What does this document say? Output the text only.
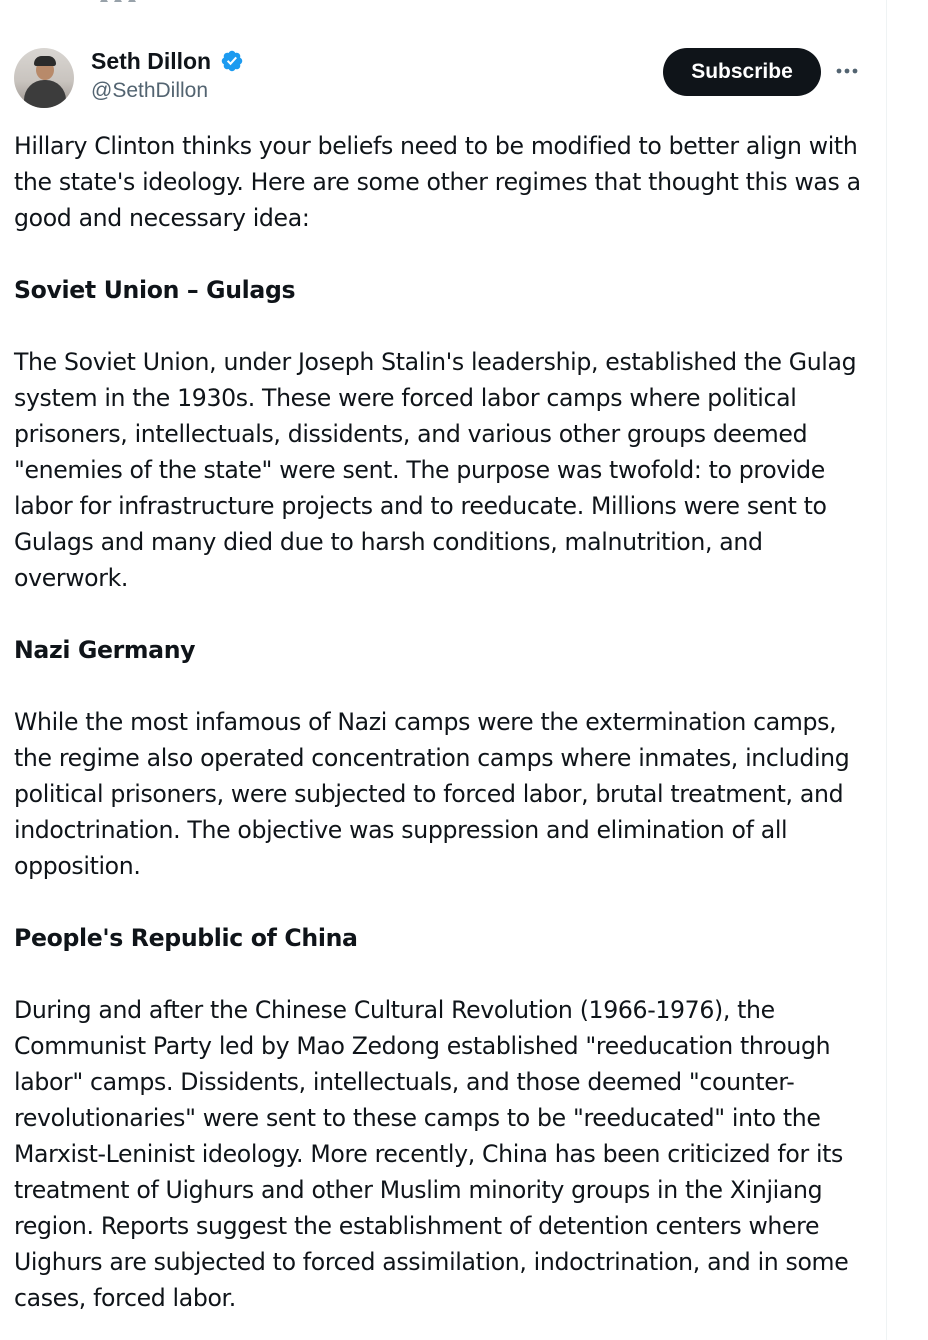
Seth Dillon
@SethDillon
Subscribe

Hillary Clinton thinks your beliefs need to be modified to better align with the state's ideology. Here are some other regimes that thought this was a good and necessary idea:

Soviet Union – Gulags

The Soviet Union, under Joseph Stalin's leadership, established the Gulag system in the 1930s. These were forced labor camps where political prisoners, intellectuals, dissidents, and various other groups deemed "enemies of the state" were sent. The purpose was twofold: to provide labor for infrastructure projects and to reeducate. Millions were sent to Gulags and many died due to harsh conditions, malnutrition, and overwork.

Nazi Germany

While the most infamous of Nazi camps were the extermination camps, the regime also operated concentration camps where inmates, including political prisoners, were subjected to forced labor, brutal treatment, and indoctrination. The objective was suppression and elimination of all opposition.

People's Republic of China

During and after the Chinese Cultural Revolution (1966-1976), the Communist Party led by Mao Zedong established "reeducation through labor" camps. Dissidents, intellectuals, and those deemed "counter-revolutionaries" were sent to these camps to be "reeducated" into the Marxist-Leninist ideology. More recently, China has been criticized for its treatment of Uighurs and other Muslim minority groups in the Xinjiang region. Reports suggest the establishment of detention centers where Uighurs are subjected to forced assimilation, indoctrination, and in some cases, forced labor.
